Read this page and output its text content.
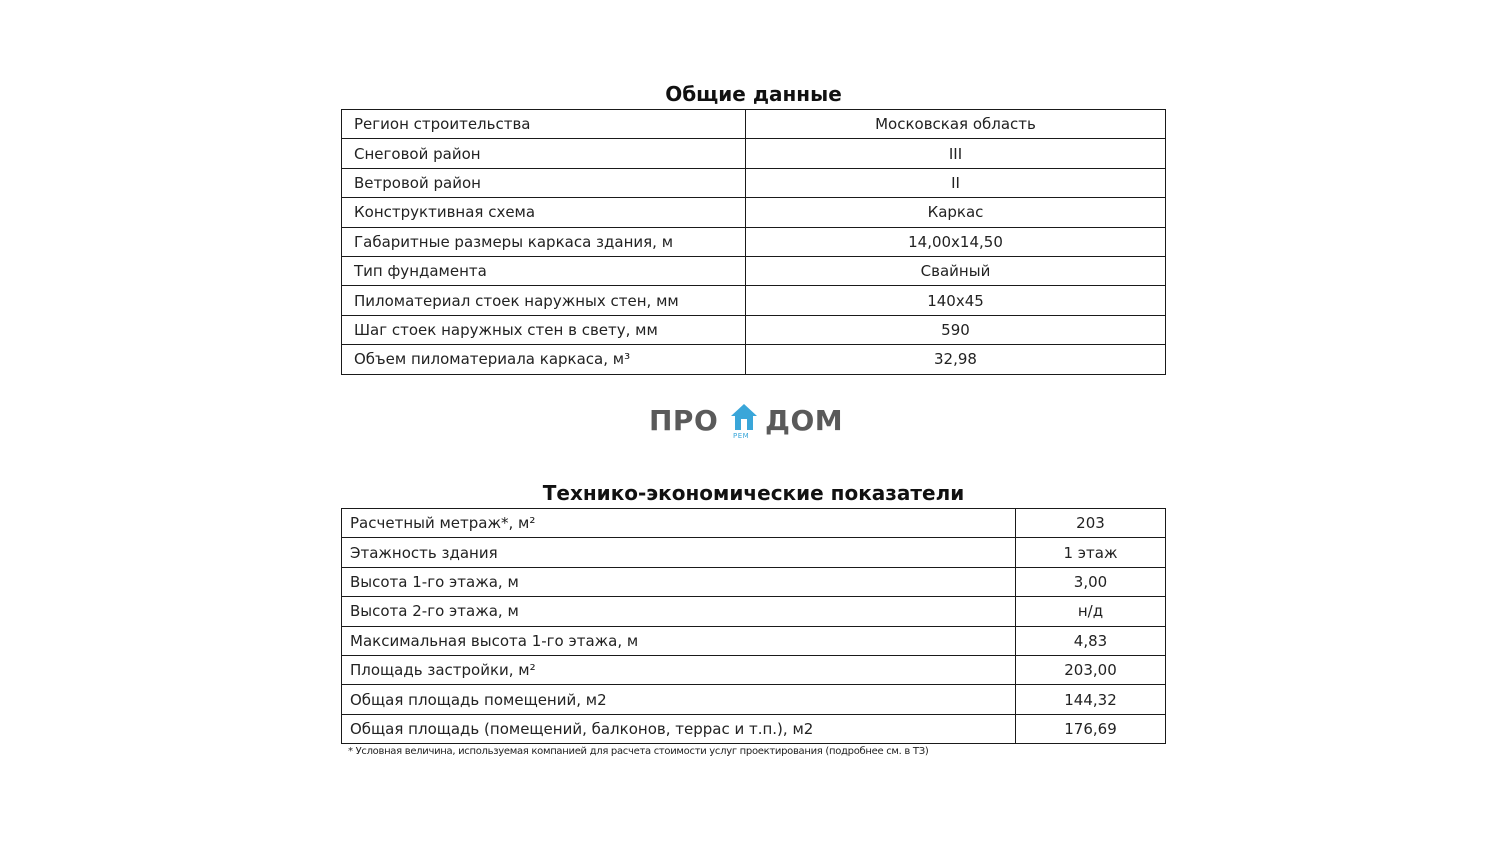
Общие данные
Регион строительства	Московская область
Снеговой район	III
Ветровой район	II
Конструктивная схема	Каркас
Габаритные размеры каркаса здания, м	14,00x14,50
Тип фундамента	Свайный
Пиломатериал стоек наружных стен, мм	140x45
Шаг стоек наружных стен в свету, мм	590
Объем пиломатериала каркаса, м³	32,98
ПРО РЕМ ДОМ
Технико-экономические показатели
Расчетный метраж*, м²	203
Этажность здания	1 этаж
Высота 1-го этажа, м	3,00
Высота 2-го этажа, м	н/д
Максимальная высота 1-го этажа, м	4,83
Площадь застройки, м²	203,00
Общая площадь помещений, м2	144,32
Общая площадь (помещений, балконов, террас и т.п.), м2	176,69
* Условная величина, используемая компанией для расчета стоимости услуг проектирования (подробнее см. в ТЗ)
